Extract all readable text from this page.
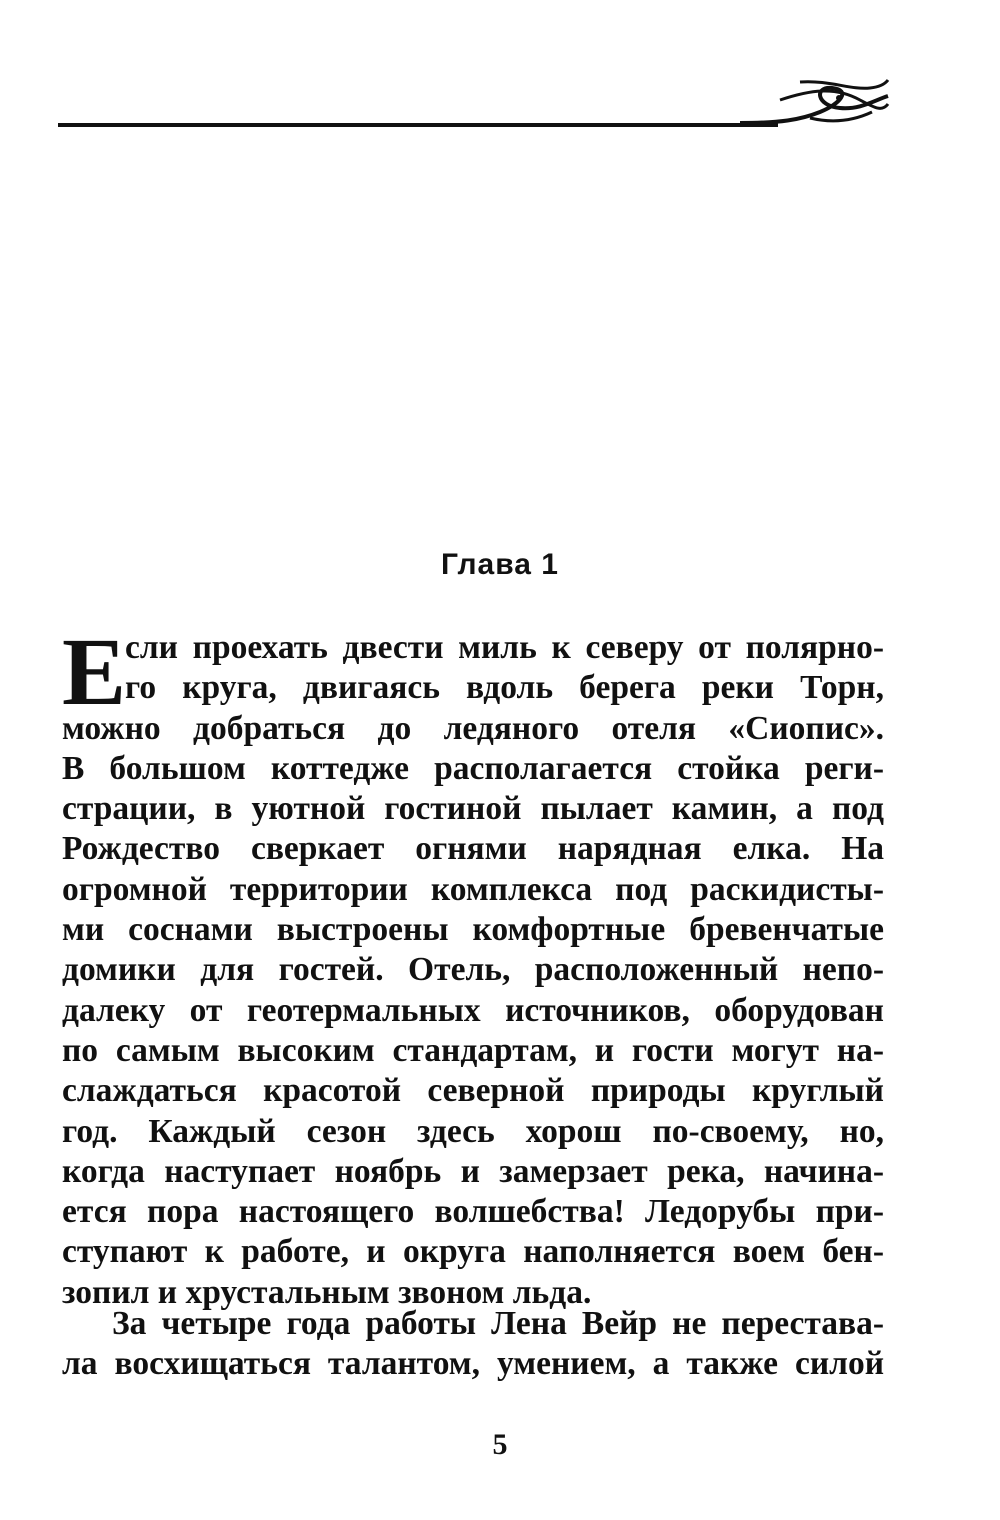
Глава 1
Е
сли проехать двести миль к северу от полярно-
го круга, двигаясь вдоль берега реки Торн,
можно добраться до ледяного отеля «Сиопис».
В большом коттедже располагается стойка реги-
страции, в уютной гостиной пылает камин, а под
Рождество сверкает огнями нарядная елка. На
огромной территории комплекса под раскидисты-
ми соснами выстроены комфортные бревенчатые
домики для гостей. Отель, расположенный непо-
далеку от геотермальных источников, оборудован
по самым высоким стандартам, и гости могут на-
слаждаться красотой северной природы круглый
год. Каждый сезон здесь хорош по-своему, но,
когда наступает ноябрь и замерзает река, начина-
ется пора настоящего волшебства! Ледорубы при-
ступают к работе, и округа наполняется воем бен-
зопил и хрустальным звоном льда.
За четыре года работы Лена Вейр не перестава-
ла восхищаться талантом, умением, а также силой
5
